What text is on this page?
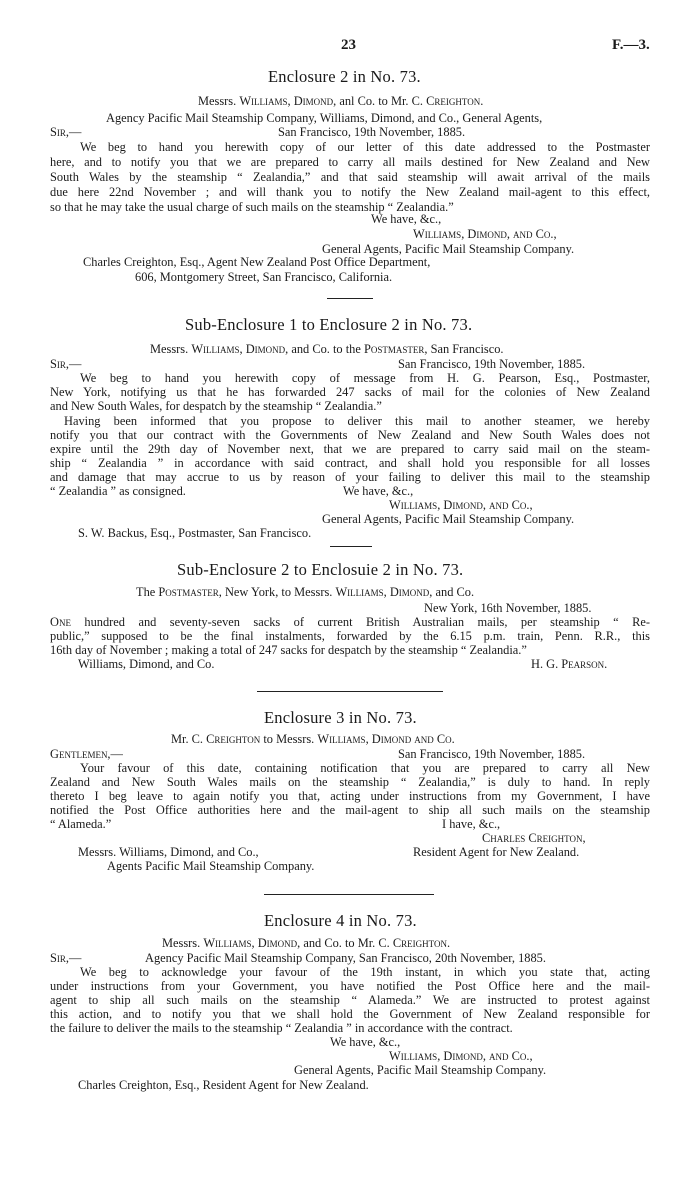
23	F.—3.
Enclosure 2 in No. 73.
Messrs. Williams, Dimond, anl Co. to Mr. C. Creighton.
Agency Pacific Mail Steamship Company, Williams, Dimond, and Co., General Agents,
Sir,—	San Francisco, 19th November, 1885.
We beg to hand you herewith copy of our letter of this date addressed to the Postmaster
here, and to notify you that we are prepared to carry all mails destined for New Zealand and New
South Wales by the steamship “ Zealandia,” and that said steamship will await arrival of the mails
due here 22nd November ; and will thank you to notify the New Zealand mail-agent to this effect,
so that he may take the usual charge of such mails on the steamship “ Zealandia.”
We have, &c.,
Williams, Dimond, and Co.,
General Agents, Pacific Mail Steamship Company.
Charles Creighton, Esq., Agent New Zealand Post Office Department,
606, Montgomery Street, San Francisco, California.
Sub-Enclosure 1 to Enclosure 2 in No. 73.
Messrs. Williams, Dimond, and Co. to the Postmaster, San Francisco.
Sir,—	San Francisco, 19th November, 1885.
We beg to hand you herewith copy of message from H. G. Pearson, Esq., Postmaster,
New York, notifying us that he has forwarded 247 sacks of mail for the colonies of New Zealand
and New South Wales, for despatch by the steamship “ Zealandia.”
Having been informed that you propose to deliver this mail to another steamer, we hereby
notify you that our contract with the Governments of New Zealand and New South Wales does not
expire until the 29th day of November next, that we are prepared to carry said mail on the steam-
ship “ Zealandia ” in accordance with said contract, and shall hold you responsible for all losses
and damage that may accrue to us by reason of your failing to deliver this mail to the steamship
“ Zealandia ” as consigned.	We have, &c.,
Williams, Dimond, and Co.,
General Agents, Pacific Mail Steamship Company.
S. W. Backus, Esq., Postmaster, San Francisco.
Sub-Enclosure 2 to Enclosuie 2 in No. 73.
The Postmaster, New York, to Messrs. Williams, Dimond, and Co.
New York, 16th November, 1885.
One hundred and seventy-seven sacks of current British Australian mails, per steamship “ Re-
public,” supposed to be the final instalments, forwarded by the 6.15 p.m. train, Penn. R.R., this
16th day of November ; making a total of 247 sacks for despatch by the steamship “ Zealandia.”
Williams, Dimond, and Co.	H. G. Pearson.
Enclosure 3 in No. 73.
Mr. C. Creighton to Messrs. Williams, Dimond and Co.
Gentlemen,—	San Francisco, 19th November, 1885.
Your favour of this date, containing notification that you are prepared to carry all New
Zealand and New South Wales mails on the steamship “ Zealandia,” is duly to hand. In reply
thereto I beg leave to again notify you that, acting under instructions from my Government, I have
notified the Post Office authorities here and the mail-agent to ship all such mails on the steamship
“ Alameda.”	I have, &c.,
Charles Creighton,
Messrs. Williams, Dimond, and Co.,	Resident Agent for New Zealand.
Agents Pacific Mail Steamship Company.
Enclosure 4 in No. 73.
Messrs. Williams, Dimond, and Co. to Mr. C. Creighton.
Sir,—	Agency Pacific Mail Steamship Company, San Francisco, 20th November, 1885.
We beg to acknowledge your favour of the 19th instant, in which you state that, acting
under instructions from your Government, you have notified the Post Office here and the mail-
agent to ship all such mails on the steamship “ Alameda.” We are instructed to protest against
this action, and to notify you that we shall hold the Government of New Zealand responsible for
the failure to deliver the mails to the steamship “ Zealandia ” in accordance with the contract.
We have, &c.,
Williams, Dimond, and Co.,
General Agents, Pacific Mail Steamship Company.
Charles Creighton, Esq., Resident Agent for New Zealand.
